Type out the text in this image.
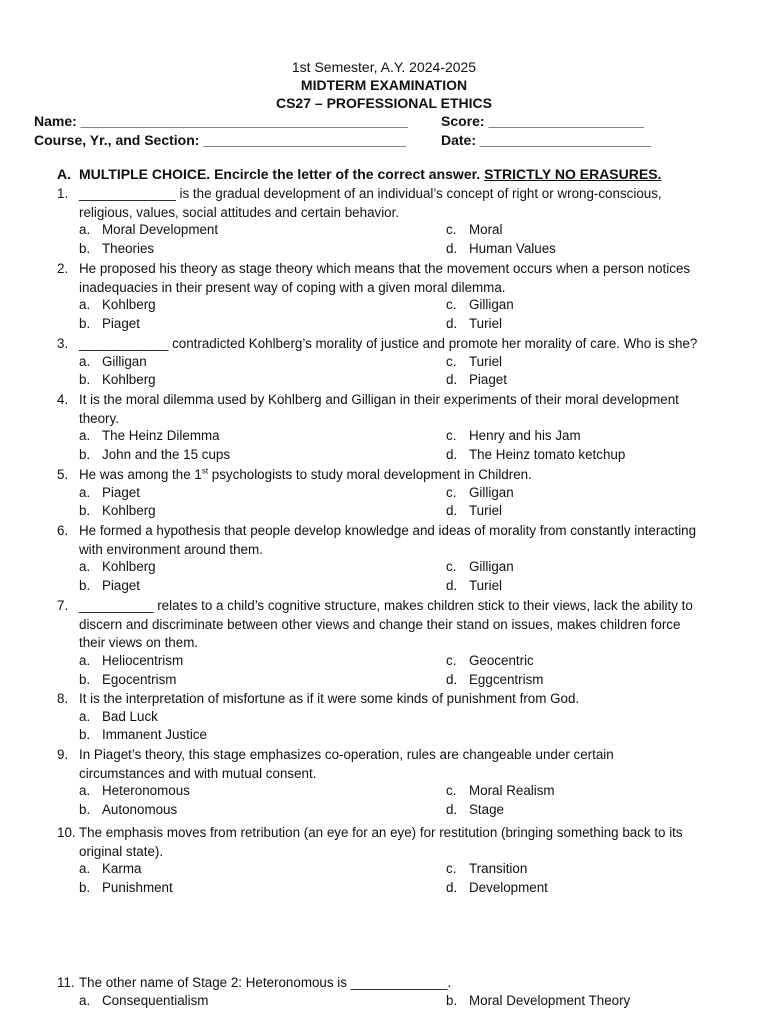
1st Semester, A.Y. 2024-2025
MIDTERM EXAMINATION
CS27 – PROFESSIONAL ETHICS
Name: __________________________________________ Score: ____________________
Course, Yr., and Section: __________________________	Date: ______________________
A. MULTIPLE CHOICE. Encircle the letter of the correct answer. STRICTLY NO ERASURES.
1. _____________ is the gradual development of an individual’s concept of right or wrong-conscious,
religious, values, social attitudes and certain behavior.
a. Moral Development	c. Moral
b. Theories	d. Human Values
2. He proposed his theory as stage theory which means that the movement occurs when a person notices
inadequacies in their present way of coping with a given moral dilemma.
a. Kohlberg	c. Gilligan
b. Piaget	d. Turiel
3. ____________ contradicted Kohlberg’s morality of justice and promote her morality of care. Who is she?
a. Gilligan	c. Turiel
b. Kohlberg	d. Piaget
4. It is the moral dilemma used by Kohlberg and Gilligan in their experiments of their moral development
theory.
a. The Heinz Dilemma	c. Henry and his Jam
b. John and the 15 cups	d. The Heinz tomato ketchup
5. He was among the 1st psychologists to study moral development in Children.
a. Piaget	c. Gilligan
b. Kohlberg	d. Turiel
6. He formed a hypothesis that people develop knowledge and ideas of morality from constantly interacting
with environment around them.
a. Kohlberg	c. Gilligan
b. Piaget	d. Turiel
7. __________ relates to a child’s cognitive structure, makes children stick to their views, lack the ability to
discern and discriminate between other views and change their stand on issues, makes children force
their views on them.
a. Heliocentrism	c. Geocentric
b. Egocentrism	d. Eggcentrism
8. It is the interpretation of misfortune as if it were some kinds of punishment from God.
a. Bad Luck
b. Immanent Justice
9. In Piaget’s theory, this stage emphasizes co-operation, rules are changeable under certain
circumstances and with mutual consent.
a. Heteronomous	c. Moral Realism
b. Autonomous	d. Stage
10. The emphasis moves from retribution (an eye for an eye) for restitution (bringing something back to its
original state).
a. Karma	c. Transition
b. Punishment	d. Development
11. The other name of Stage 2: Heteronomous is _____________.
a. Consequentialism	b. Moral Development Theory
